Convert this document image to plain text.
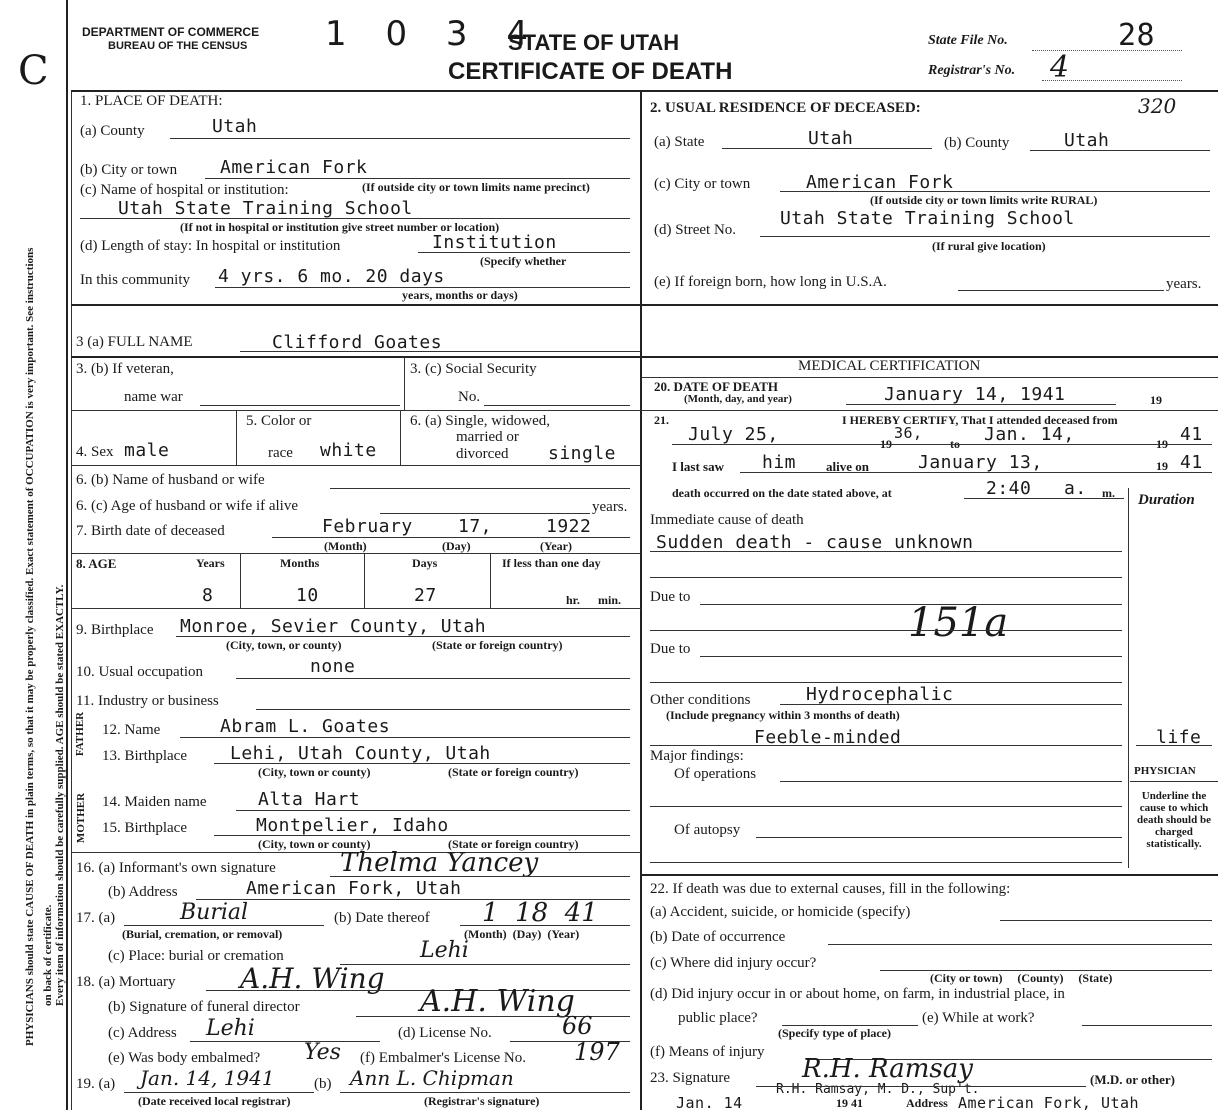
C
PHYSICIANS should state CAUSE OF DEATH in plain terms, so that it may be properly classified. Exact statement of OCCUPATION is very important. See instructions Every item of information should be carefully supplied. AGE should be stated EXACTLY.
on back of certificate.
DEPARTMENT OF COMMERCE
BUREAU OF THE CENSUS 1 0 3 4
STATE OF UTAH
CERTIFICATE OF DEATH
State File No.	28
Registrar's No. 4
1. PLACE OF DEATH:
(a) County	Utah
(b) City or town American Fork
(c) Name of hospital or institution:	(If outside city or town limits name precinct)
Utah State Training School
(If not in hospital or institution give street number or location)
(d) Length of stay: In hospital or institution	Institution
(Specify whether
In this community 4 yrs. 6 mo. 20 days
years, months or days)
2. USUAL RESIDENCE OF DECEASED:	320
(a) State	Utah	(b) County	Utah
(c) City or town	American Fork
(If outside city or town limits write RURAL)
Utah State Training School
(d) Street No.
(If rural give location)
(e) If foreign born, how long in U.S.A.	years.
3 (a) FULL NAME	Clifford Goates
3. (b) If veteran,
name war
3. (c) Social Security
No.
4. Sex male
5. Color or
race white
6. (a) Single, widowed,
married or
divorced single
6. (b) Name of husband or wife
6. (c) Age of husband or wife if alive	years.
7. Birth date of deceased	February	17,	1922
(Month)	(Day)	(Year)
8. AGE	Years	Months	Days	If less than one day
8	10	27	hr. min.
9. Birthplace Monroe, Sevier County, Utah
(City, town, or county)	(State or foreign country)
10. Usual occupation	none
11. Industry or business
FATHER 12. Name	Abram L. Goates
13. Birthplace Lehi, Utah County, Utah
(City, town or county)	(State or foreign country)
MOTHER 14. Maiden name	Alta Hart
15. Birthplace	Montpelier, Idaho
(City, town or county)	(State or foreign country)
16. (a) Informant's own signature Thelma Yancey
(b) Address	American Fork, Utah
17. (a)	Burial
(Burial, cremation, or removal)
(b) Date thereof 1  18  41
(Month)  (Day)  (Year)
(c) Place: burial or cremation	Lehi
18. (a) Mortuary A.H. Wing
(b) Signature of funeral director	A.H. Wing
(c) Address Lehi	(d) License No.	66
(e) Was body embalmed? Yes (f) Embalmer's License No. 197
19. (a) Jan. 14, 1941
(Date received local registrar)
(b) Ann L. Chipman
(Registrar's signature)
MEDICAL CERTIFICATION
20. DATE OF DEATH
(Month, day, and year)	January 14, 1941	19
21.	I HEREBY CERTIFY, That I attended deceased from
July 25,	19
36,
to Jan. 14,	19 41
I last saw him alive on	January 13,	19 41
death occurred on the date stated above, at	2:40 a. m. Duration
Immediate cause of death
Sudden death - cause unknown
Due to
151a
Due to
Other conditions	Hydrocephalic
(Include pregnancy within 3 months of death)
Feeble-minded	life
Major findings:
Of operations	PHYSICIAN
Underline the cause to which death should be charged statistically.
Of autopsy
22. If death was due to external causes, fill in the following:
(a) Accident, suicide, or homicide (specify)
(b) Date of occurrence
(c) Where did injury occur?
(City or town)     (County)     (State)
(d) Did injury occur in or about home, on farm, in industrial place, in
public place?
(Specify type of place)
(e) While at work?
(f) Means of injury
23. Signature	R.H. Ramsay
R.H. Ramsay, M. D., Sup't.
(M.D. or other)
Jan. 14	19 41	Address American Fork, Utah
